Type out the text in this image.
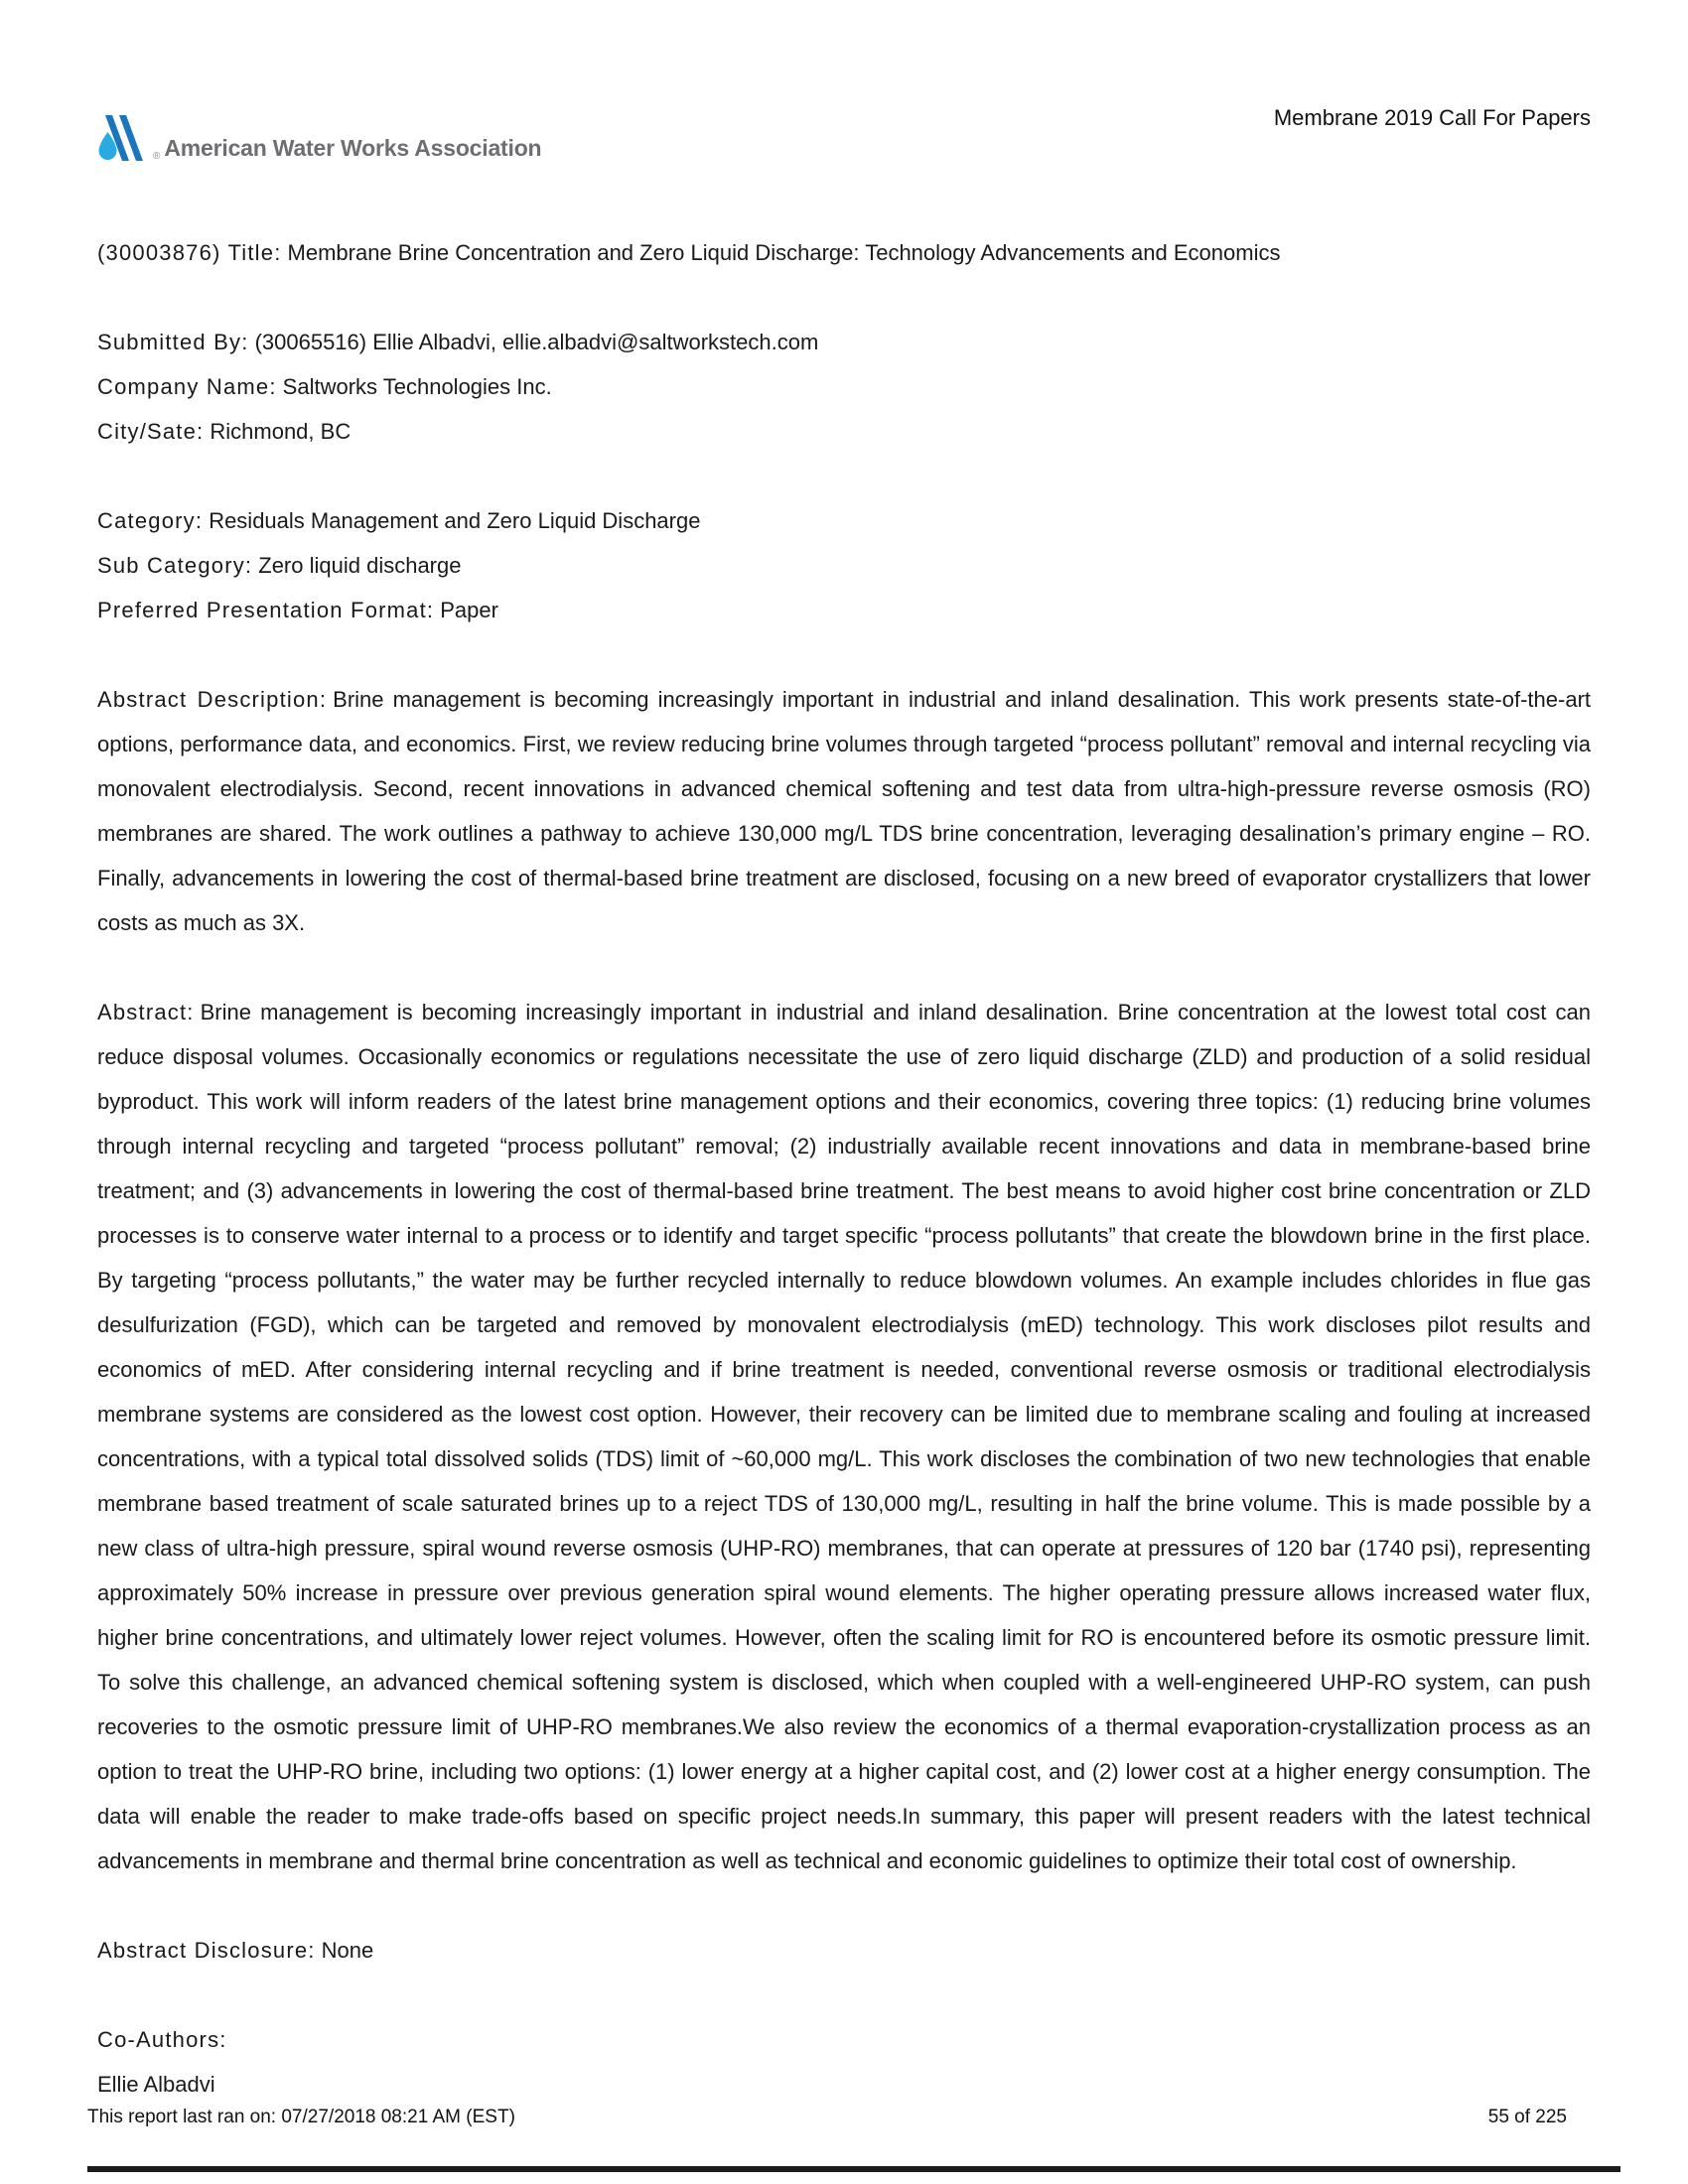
® American Water Works Association
Membrane 2019 Call For Papers

(30003876) Title: Membrane Brine Concentration and Zero Liquid Discharge: Technology Advancements and Economics

Submitted By: (30065516) Ellie Albadvi, ellie.albadvi@saltworkstech.com

Company Name: Saltworks Technologies Inc.

City/Sate: Richmond, BC

Category: Residuals Management and Zero Liquid Discharge

Sub Category: Zero liquid discharge

Preferred Presentation Format: Paper

Abstract Description: Brine management is becoming increasingly important in industrial and inland desalination. This work presents state-of-the-art options, performance data, and economics. First, we review reducing brine volumes through targeted “process pollutant” removal and internal recycling via monovalent electrodialysis. Second, recent innovations in advanced chemical softening and test data from ultra-high-pressure reverse osmosis (RO) membranes are shared. The work outlines a pathway to achieve 130,000 mg/L TDS brine concentration, leveraging desalination’s primary engine – RO. Finally, advancements in lowering the cost of thermal-based brine treatment are disclosed, focusing on a new breed of evaporator crystallizers that lower costs as much as 3X.

Abstract: Brine management is becoming increasingly important in industrial and inland desalination. Brine concentration at the lowest total cost can reduce disposal volumes. Occasionally economics or regulations necessitate the use of zero liquid discharge (ZLD) and production of a solid residual byproduct. This work will inform readers of the latest brine management options and their economics, covering three topics: (1) reducing brine volumes through internal recycling and targeted “process pollutant” removal; (2) industrially available recent innovations and data in membrane-based brine treatment; and (3) advancements in lowering the cost of thermal-based brine treatment. The best means to avoid higher cost brine concentration or ZLD processes is to conserve water internal to a process or to identify and target specific “process pollutants” that create the blowdown brine in the first place. By targeting “process pollutants,” the water may be further recycled internally to reduce blowdown volumes. An example includes chlorides in flue gas desulfurization (FGD), which can be targeted and removed by monovalent electrodialysis (mED) technology. This work discloses pilot results and economics of mED. After considering internal recycling and if brine treatment is needed, conventional reverse osmosis or traditional electrodialysis membrane systems are considered as the lowest cost option. However, their recovery can be limited due to membrane scaling and fouling at increased concentrations, with a typical total dissolved solids (TDS) limit of ~60,000 mg/L. This work discloses the combination of two new technologies that enable membrane based treatment of scale saturated brines up to a reject TDS of 130,000 mg/L, resulting in half the brine volume. This is made possible by a new class of ultra-high pressure, spiral wound reverse osmosis (UHP-RO) membranes, that can operate at pressures of 120 bar (1740 psi), representing approximately 50% increase in pressure over previous generation spiral wound elements. The higher operating pressure allows increased water flux, higher brine concentrations, and ultimately lower reject volumes. However, often the scaling limit for RO is encountered before its osmotic pressure limit. To solve this challenge, an advanced chemical softening system is disclosed, which when coupled with a well-engineered UHP-RO system, can push recoveries to the osmotic pressure limit of UHP-RO membranes.We also review the economics of a thermal evaporation-crystallization process as an option to treat the UHP-RO brine, including two options: (1) lower energy at a higher capital cost, and (2) lower cost at a higher energy consumption. The data will enable the reader to make trade-offs based on specific project needs.In summary, this paper will present readers with the latest technical advancements in membrane and thermal brine concentration as well as technical and economic guidelines to optimize their total cost of ownership.

Abstract Disclosure: None

Co-Authors:

Ellie Albadvi

This report last ran on: 07/27/2018 08:21 AM (EST)	55 of 225
